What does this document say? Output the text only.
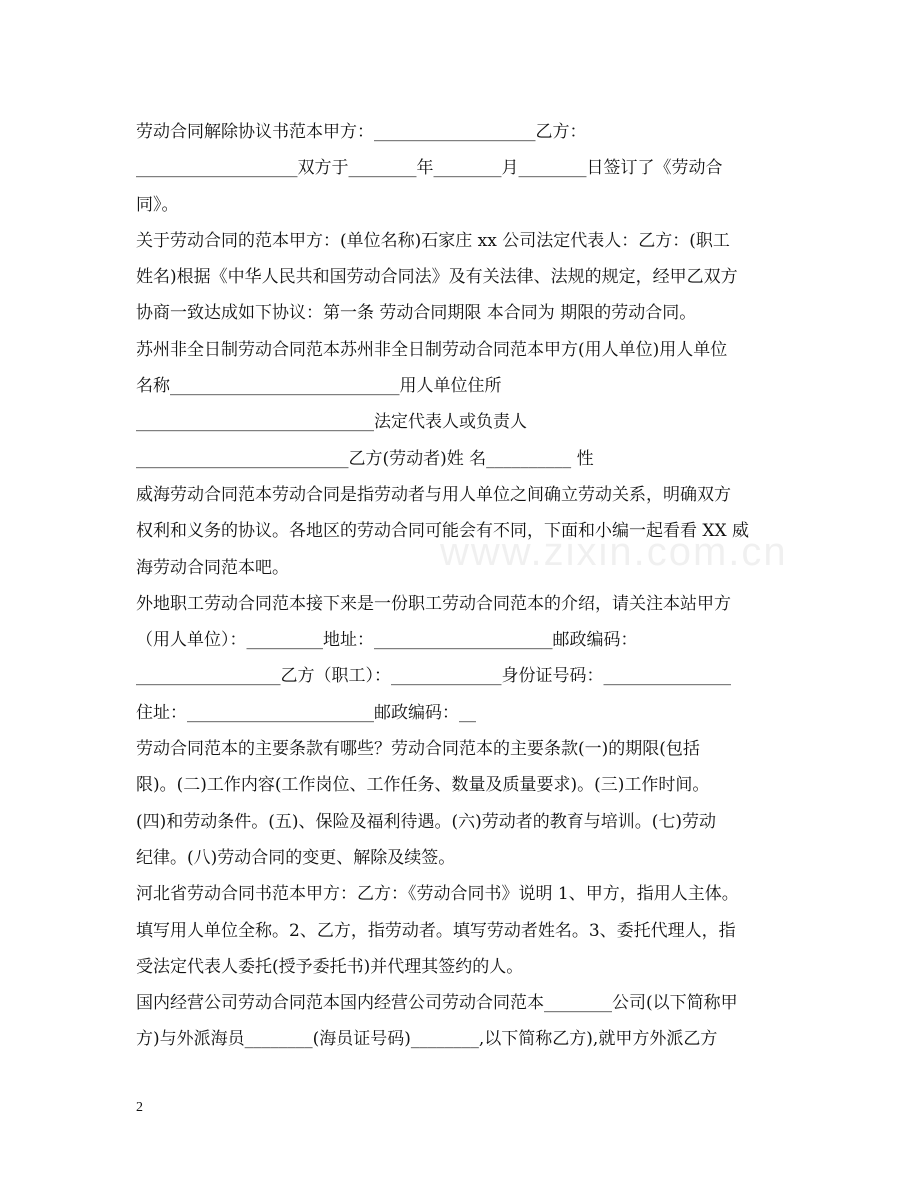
www.zixin.com.cn
劳动合同解除协议书范本甲方：___________________乙方：
___________________双方于________年________月________日签订了《劳动合
同》。
关于劳动合同的范本甲方：(单位名称)石家庄 xx 公司法定代表人：乙方：(职工
姓名)根据《中华人民共和国劳动合同法》及有关法律、法规的规定，经甲乙双方
协商一致达成如下协议：第一条 劳动合同期限 本合同为 期限的劳动合同。
苏州非全日制劳动合同范本苏州非全日制劳动合同范本甲方(用人单位)用人单位
名称___________________________用人单位住所
____________________________法定代表人或负责人
_________________________乙方(劳动者)姓 名__________ 性
威海劳动合同范本劳动合同是指劳动者与用人单位之间确立劳动关系，明确双方
权利和义务的协议。各地区的劳动合同可能会有不同，下面和小编一起看看 XX 威
海劳动合同范本吧。
外地职工劳动合同范本接下来是一份职工劳动合同范本的介绍，请关注本站甲方
（用人单位）：_________地址：_____________________邮政编码：
_________________乙方（职工）：_____________身份证号码：_______________
住址：______________________邮政编码：__
劳动合同范本的主要条款有哪些？劳动合同范本的主要条款(一)的期限(包括
限)。(二)工作内容(工作岗位、工作任务、数量及质量要求)。(三)工作时间。
(四)和劳动条件。(五)、保险及福利待遇。(六)劳动者的教育与培训。(七)劳动
纪律。(八)劳动合同的变更、解除及续签。
河北省劳动合同书范本甲方：乙方：《劳动合同书》说明 1、甲方，指用人主体。
填写用人单位全称。2、乙方，指劳动者。填写劳动者姓名。3、委托代理人，指
受法定代表人委托(授予委托书)并代理其签约的人。
国内经营公司劳动合同范本国内经营公司劳动合同范本________公司(以下简称甲
方)与外派海员________(海员证号码)________,以下简称乙方),就甲方外派乙方
2
